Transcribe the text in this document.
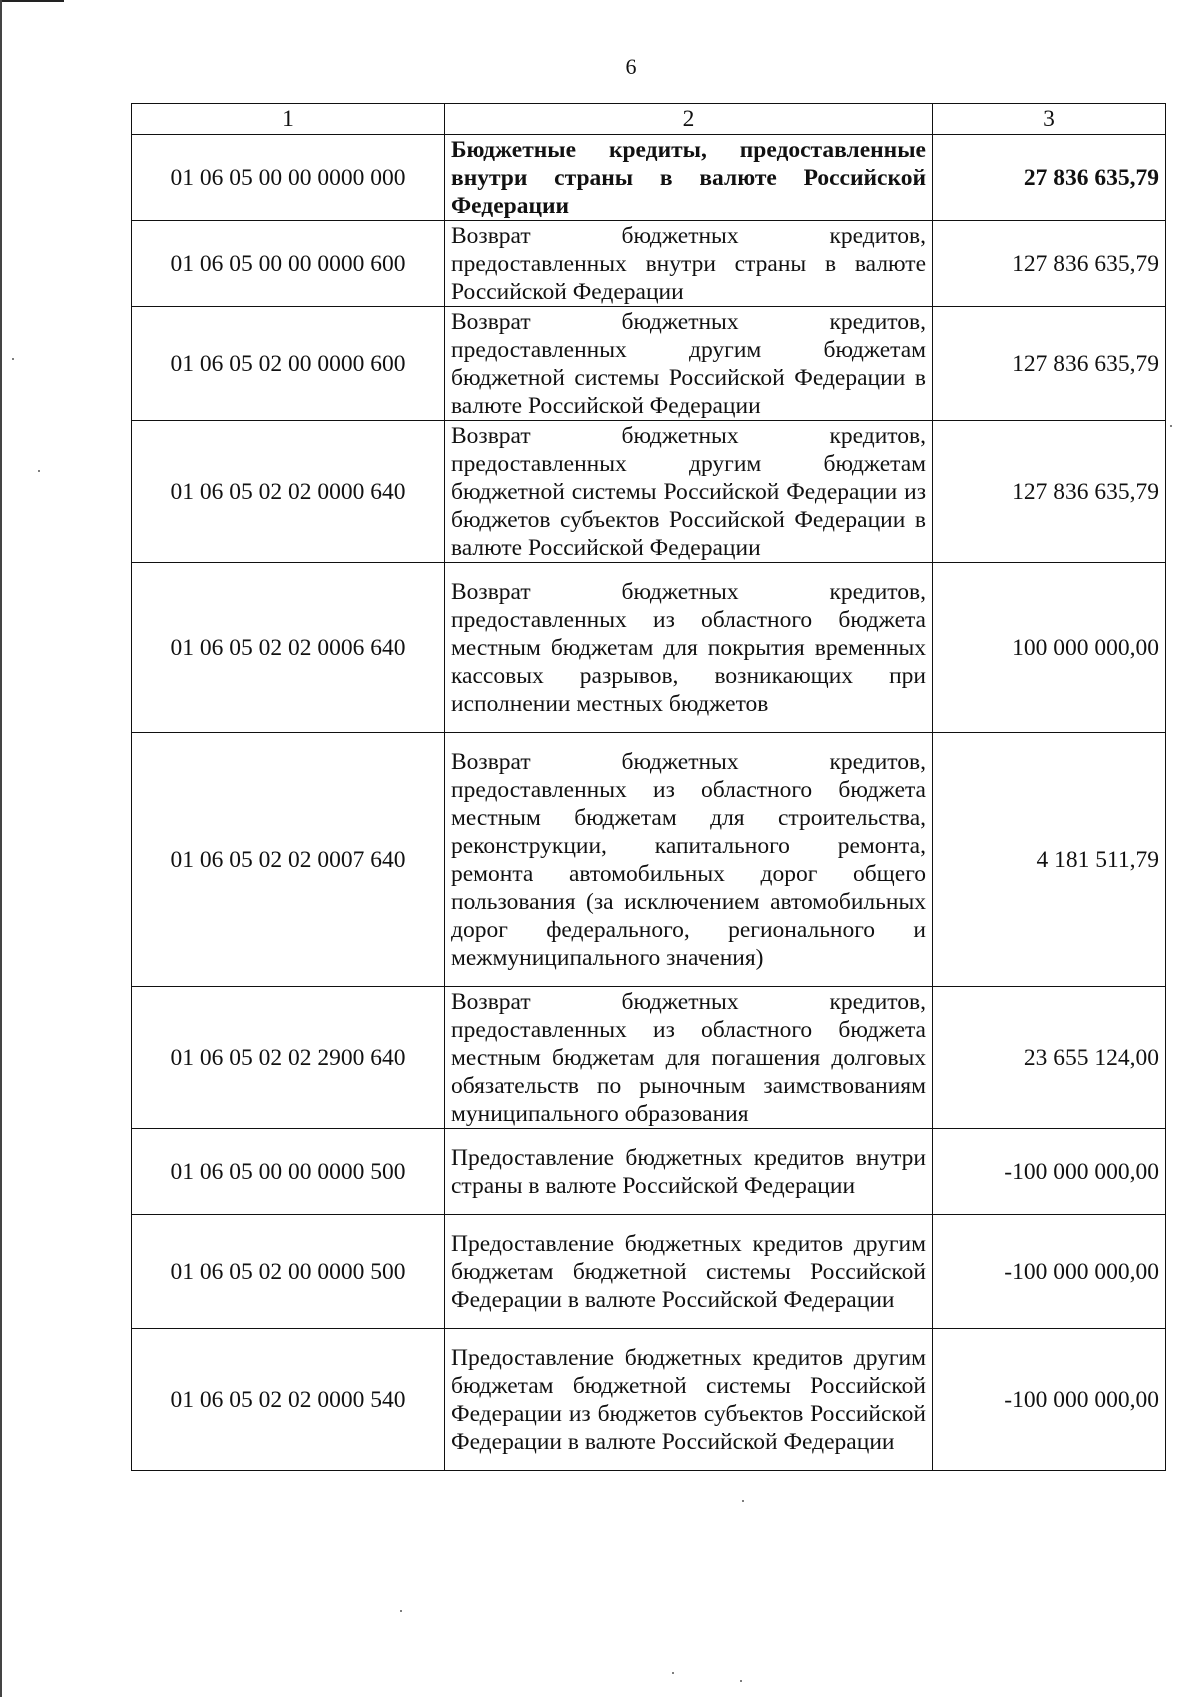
6
1	2	3
01 06 05 00 00 0000 000	Бюджетные кредиты, предоставленные внутри страны в валюте Российской Федерации	27 836 635,79
01 06 05 00 00 0000 600	Возврат бюджетных кредитов, предоставленных внутри страны в валюте Российской Федерации	127 836 635,79
01 06 05 02 00 0000 600	Возврат бюджетных кредитов, предоставленных другим бюджетам бюджетной системы Российской Федерации в валюте Российской Федерации	127 836 635,79
01 06 05 02 02 0000 640	Возврат бюджетных кредитов, предоставленных другим бюджетам бюджетной системы Российской Федерации из бюджетов субъектов Российской Федерации в валюте Российской Федерации	127 836 635,79
01 06 05 02 02 0006 640	Возврат бюджетных кредитов, предоставленных из областного бюджета местным бюджетам для покрытия временных кассовых разрывов, возникающих при исполнении местных бюджетов	100 000 000,00
01 06 05 02 02 0007 640	Возврат бюджетных кредитов, предоставленных из областного бюджета местным бюджетам для строительства, реконструкции, капитального ремонта, ремонта автомобильных дорог общего пользования (за исключением автомобильных дорог федерального, регионального и межмуниципального значения)	4 181 511,79
01 06 05 02 02 2900 640	Возврат бюджетных кредитов, предоставленных из областного бюджета местным бюджетам для погашения долговых обязательств по рыночным заимствованиям муниципального образования	23 655 124,00
01 06 05 00 00 0000 500	Предоставление бюджетных кредитов внутри страны в валюте Российской Федерации	-100 000 000,00
01 06 05 02 00 0000 500	Предоставление бюджетных кредитов другим бюджетам бюджетной системы Российской Федерации в валюте Российской Федерации	-100 000 000,00
01 06 05 02 02 0000 540	Предоставление бюджетных кредитов другим бюджетам бюджетной системы Российской Федерации из бюджетов субъектов Российской Федерации в валюте Российской Федерации	-100 000 000,00
